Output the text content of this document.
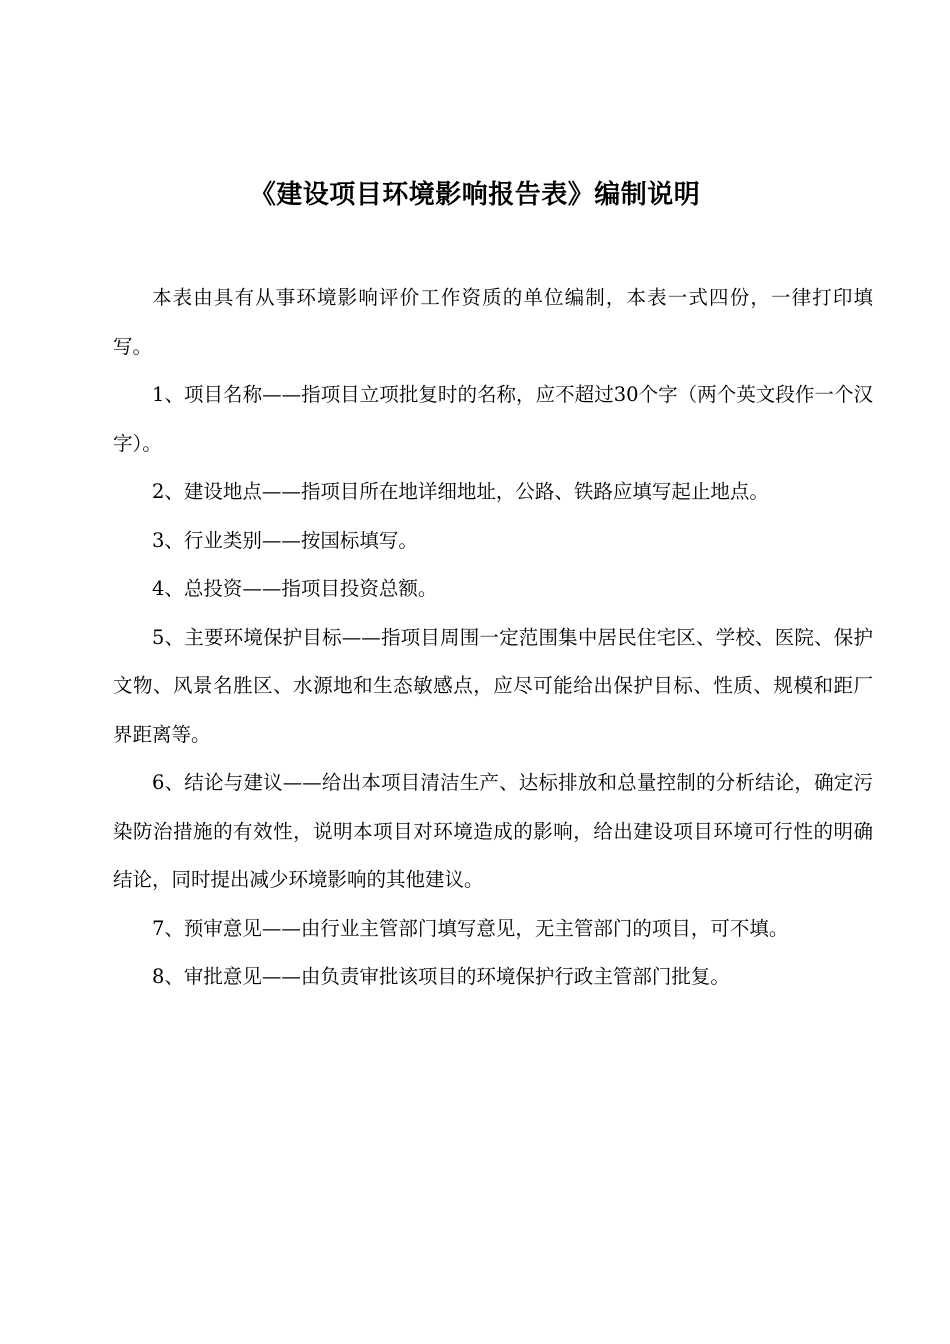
《建设项目环境影响报告表》编制说明

本表由具有从事环境影响评价工作资质的单位编制，本表一式四份，一律打印填写。

1、项目名称——指项目立项批复时的名称，应不超过30个字（两个英文段作一个汉字）。

2、建设地点——指项目所在地详细地址，公路、铁路应填写起止地点。

3、行业类别——按国标填写。

4、总投资——指项目投资总额。

5、主要环境保护目标——指项目周围一定范围集中居民住宅区、学校、医院、保护文物、风景名胜区、水源地和生态敏感点，应尽可能给出保护目标、性质、规模和距厂界距离等。

6、结论与建议——给出本项目清洁生产、达标排放和总量控制的分析结论，确定污染防治措施的有效性，说明本项目对环境造成的影响，给出建设项目环境可行性的明确结论，同时提出减少环境影响的其他建议。

7、预审意见——由行业主管部门填写意见，无主管部门的项目，可不填。

8、审批意见——由负责审批该项目的环境保护行政主管部门批复。
